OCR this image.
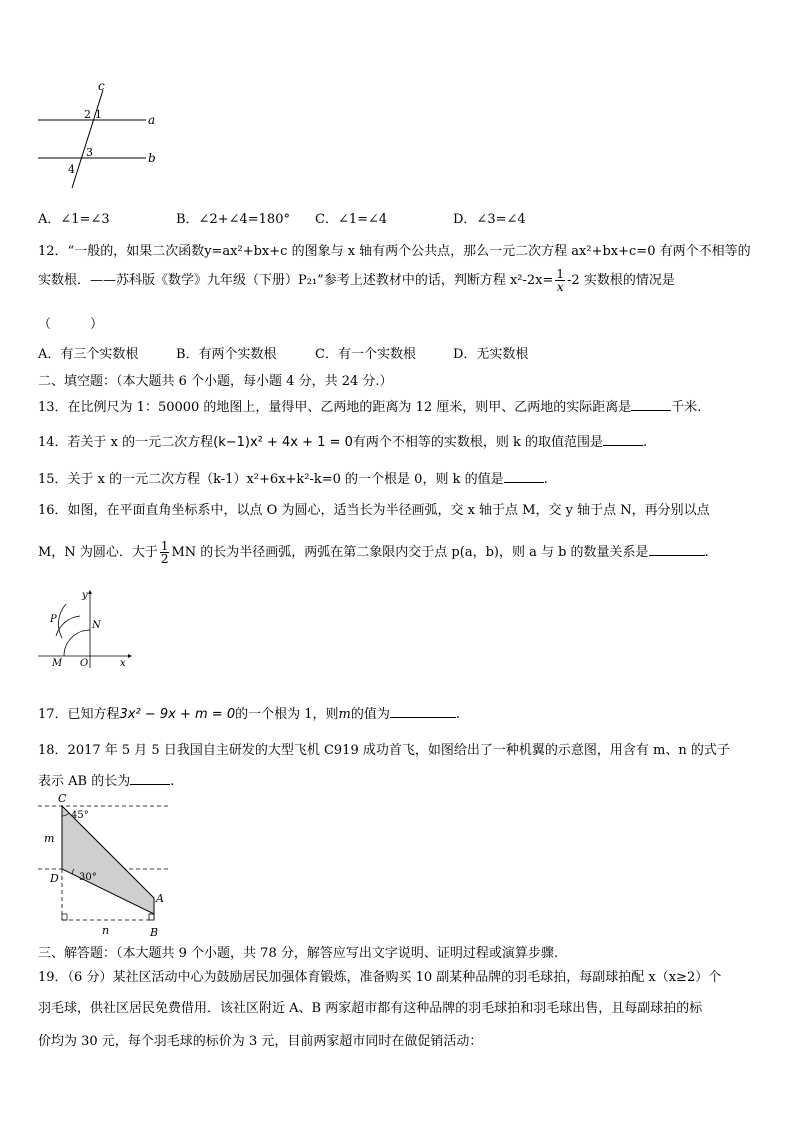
c
a
b
2 1
3
4
A．∠1=∠3	B．∠2+∠4=180° C．∠1=∠4	D．∠3=∠4
12．“一般的，如果二次函数y=ax²+bx+c 的图象与 x 轴有两个公共点，那么一元二次方程 ax²+bx+c=0 有两个不相等的
实数根．——苏科版《数学》九年级（下册）P₂₁”参考上述教材中的话，判断方程 $x^2-2x= \frac{1}{x} -2$ 实数根的情况是
（　　　）
A．有三个实数根	B．有两个实数根	C．有一个实数根	D．无实数根
二、填空题：（本大题共 6 个小题，每小题 4 分，共 24 分.）
13．在比例尺为 1：50000 的地图上，量得甲、乙两地的距离为 12 厘米，则甲、乙两地的实际距离是	千米.
14．若关于 x 的一元二次方程(k−1)x² + 4x + 1 = 0有两个不相等的实数根，则 k 的取值范围是	.
15．关于 x 的一元二次方程（k-1）x²+6x+k²-k=0 的一个根是 0，则 k 的值是	.
16．如图，在平面直角坐标系中，以点 O 为圆心，适当长为半径画弧，交 x 轴于点 M，交 y 轴于点 N，再分别以点
M，N 为圆心．大于 $\frac{1}{2}$ MN 的长为半径画弧，两弧在第二象限内交于点 p(a，b)，则 a 与 b 的数量关系是	.
y
x
P
N
M O
17．已知方程3x² − 9x + m = 0的一个根为 1，则m的值为	.
18．2017 年 5 月 5 日我国自主研发的大型飞机 C919 成功首飞，如图给出了一种机翼的示意图，用含有 m、n 的式子
表示 AB 的长为	.
C
45°
m
D 30°
A
B
n
三、解答题：（本大题共 9 个小题，共 78 分，解答应写出文字说明、证明过程或演算步骤.
19．（6 分）某社区活动中心为鼓励居民加强体育锻炼，准备购买 10 副某种品牌的羽毛球拍，每副球拍配 x（x≥2）个
羽毛球，供社区居民免费借用．该社区附近 A、B 两家超市都有这种品牌的羽毛球拍和羽毛球出售，且每副球拍的标
价均为 30 元，每个羽毛球的标价为 3 元，目前两家超市同时在做促销活动：
